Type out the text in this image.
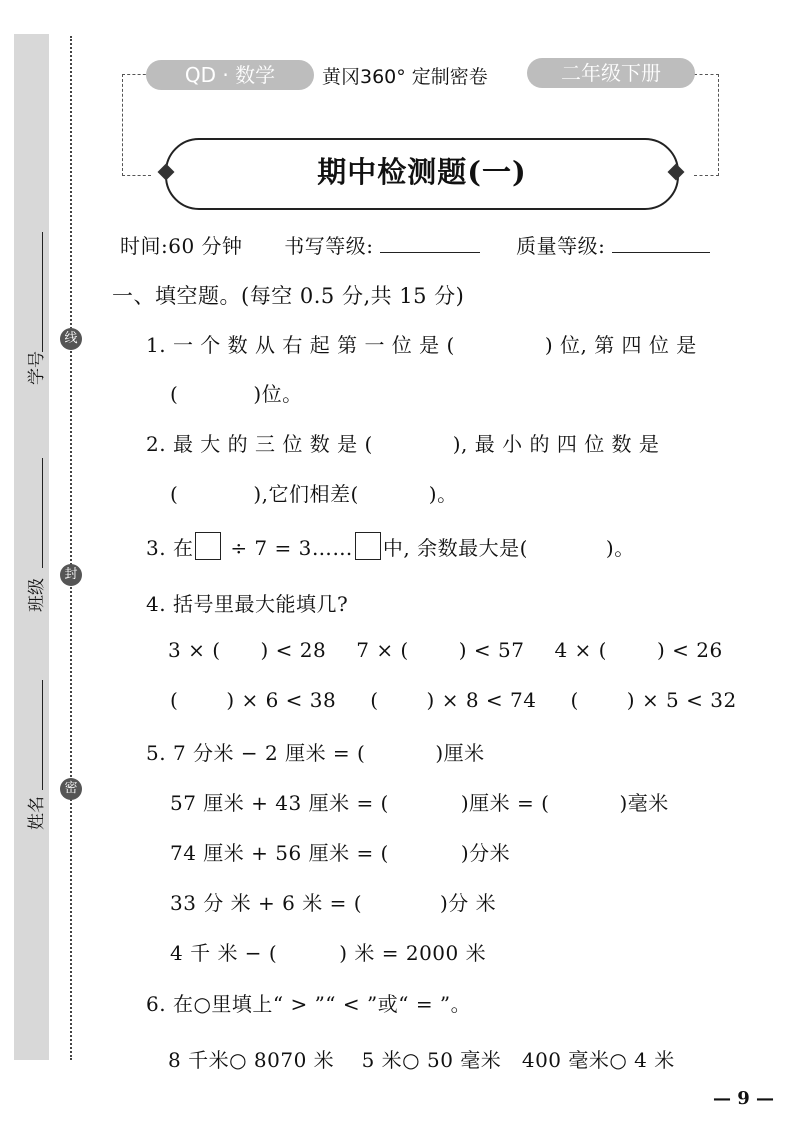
线
封
密
学号
班级
姓名
QD · 数学	黄冈360° 定制密卷	二年级下册
期中检测题(一)
时间:60 分钟 书写等级:	质量等级:
一、填空题。(每空 0.5 分,共 15 分)
1. 一 个 数 从 右 起 第 一 位 是 (	) 位, 第 四 位 是
(	)位。
2. 最 大 的 三 位 数 是 (	), 最 小 的 四 位 数 是
(	),它们相差(	)。
3. 在 ÷ 7 = 3…… 中, 余数最大是(	)。
4. 括号里最大能填几?
3 × ( ) < 28 7 × (	) < 57 4 × (	) < 26
( ) × 6 < 38 ( ) × 8 < 74 ( ) × 5 < 32
5. 7 分米 − 2 厘米 = (	)厘米
57 厘米 + 43 厘米 = (	)厘米 = (	)毫米
74 厘米 + 56 厘米 = (	)分米
33 分 米 + 6 米 = (	)分 米
4 千 米 − (	) 米 = 2000 米
6. 在○里填上“ > ”“ < ”或“ = ”。
8 千米○ 8070 米    5 米○ 50 毫米   400 毫米○ 4 米
— 9 —
